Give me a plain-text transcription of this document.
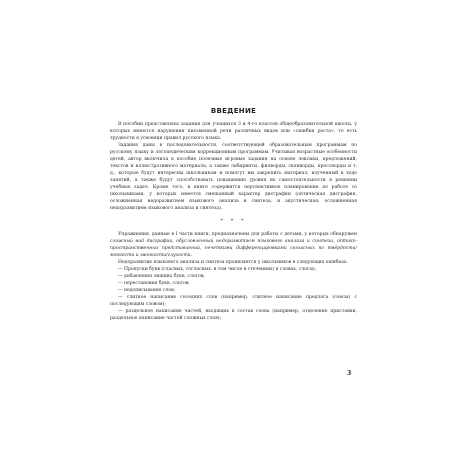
ВВЕДЕНИЕ

В пособии представлены задания для учащихся 3 и 4-го классов общеобразовательной школы, у которых имеются нарушения письменной речи различных видов или «ошибки роста», то есть трудности в усвоении правил русского языка.

Задания даны в последовательности, соответствующей образовательным программам по русскому языку и логопедическим коррекционным программам. Учитывая возрастные особенности детей, автор включила в пособие полезные игровые задания на основе лексики, предложений, текстов и иллюстративного материала; а также лабиринты, филворды, сканворды, кроссворды и т. д., которые будут интересны школьникам и помогут им закрепить материал, изученный в ходе занятий, а также будут способствовать повышению уровня их самостоятельности в решении учебных задач. Кроме того, в книге содержится перспективное планирование по работе со школьниками, у которых имеется смешанный характер дисграфии (оптическая дисграфия, осложненная недоразвитием языкового анализа и синтеза, и акустическая, осложненная недоразвитием языкового анализа и синтеза).

* * *

Упражнения, данные в I части книги, предназначены для работы с детьми, у которых обнаружен сложный вид дисграфии, обусловленный недоразвитием языкового анализа и синтеза, оптико-пространственных представлений, нечеткими дифференцировками согласных по твёрдости/мягкости и звонкости/глухости.

Недоразвитие языкового анализа и синтеза проявляется у школьников в следующих ошибках.

— Пропуски букв (гласных, согласных, в том числе в стечениях) в словах, слогах;

— добавления лишних букв, слогов;

— перестановки букв, слогов;

— недописывание слов;

— слитное написание соседних слов (например, слитное написание предлога (союза) с последующим словом);

— раздельное написание частей, входящих в состав слова (например, отделение приставки, раздельное написание частей сложных слов);

3
